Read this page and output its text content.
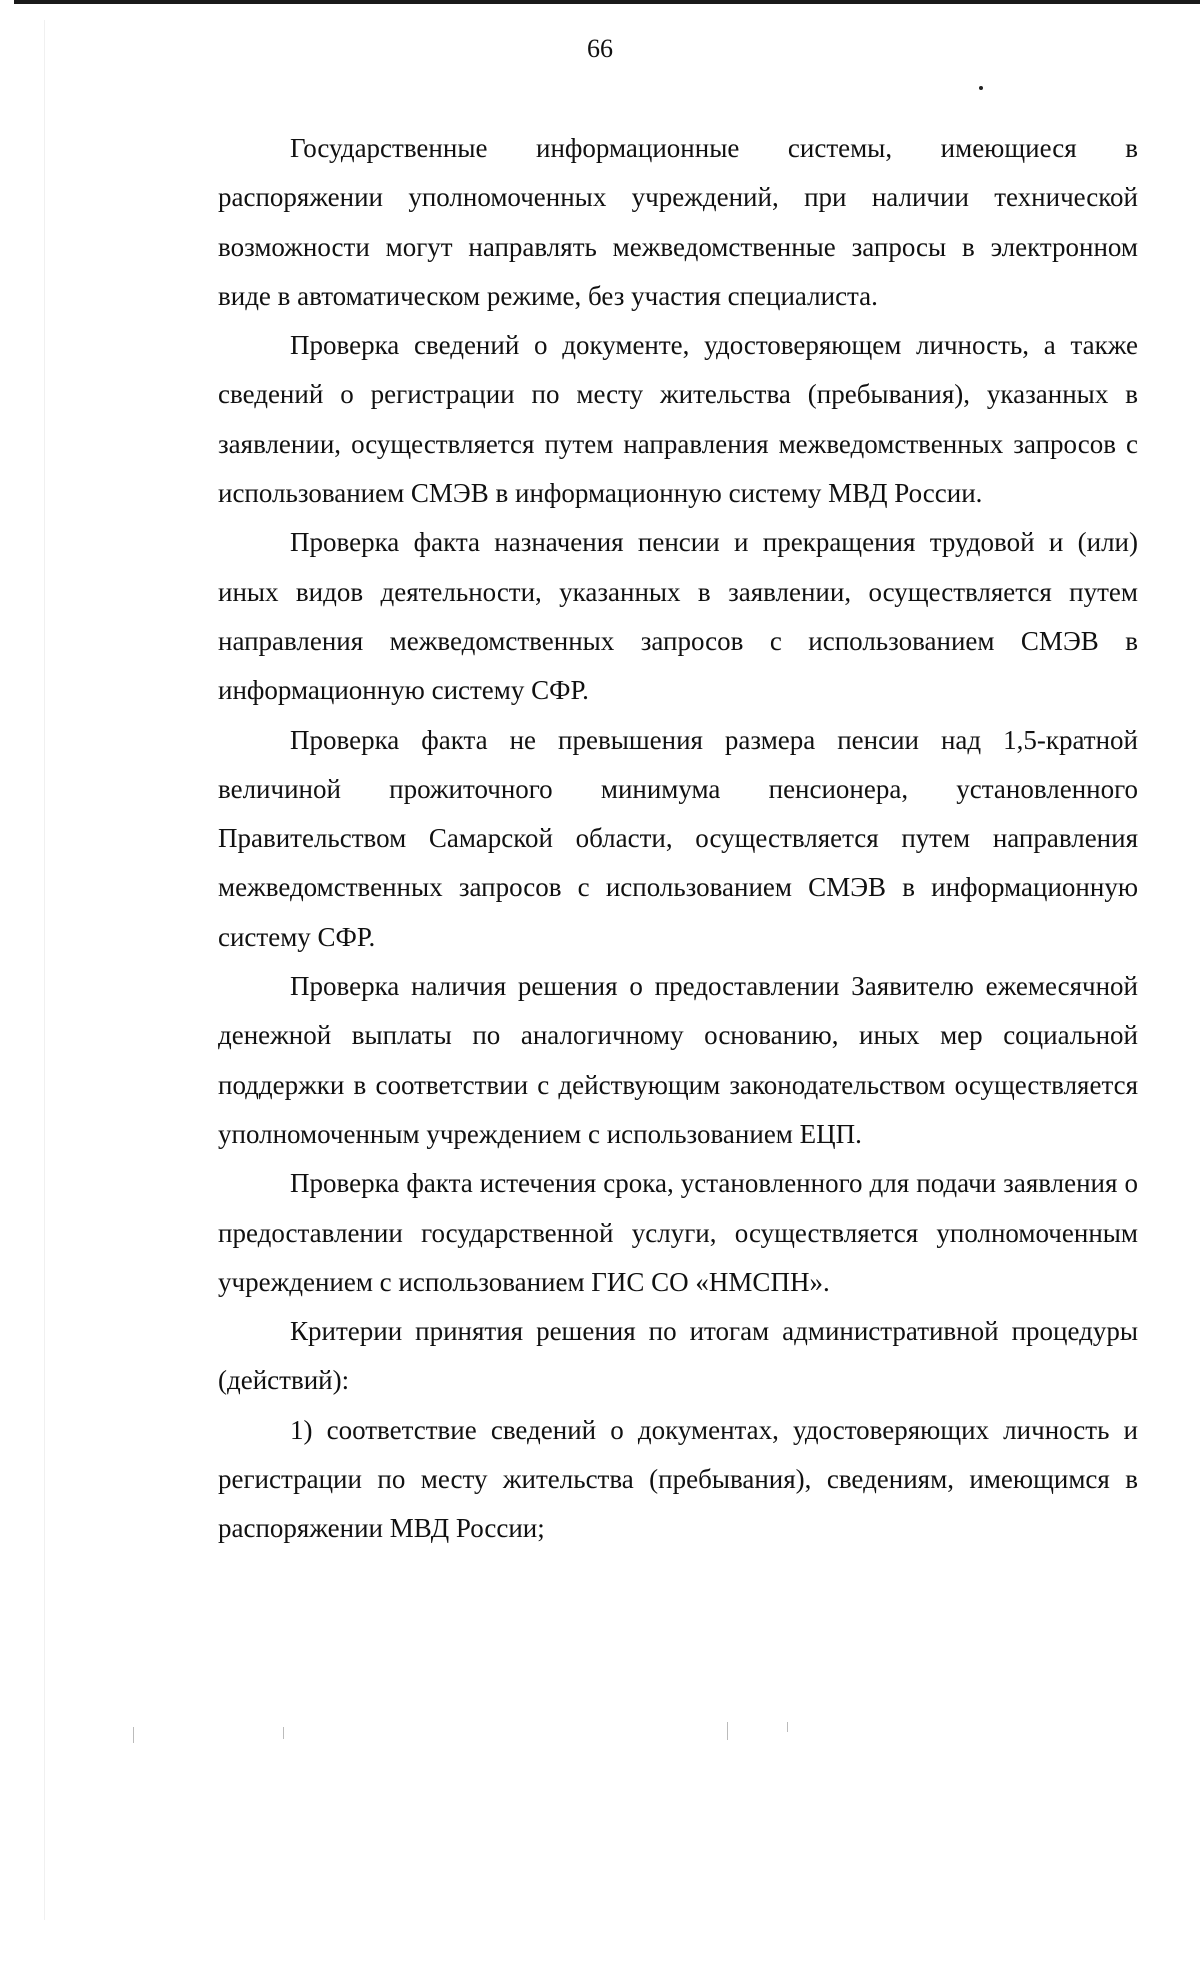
66

Государственные информационные системы, имеющиеся в распоряжении уполномоченных учреждений, при наличии технической возможности могут направлять межведомственные запросы в электронном виде в автоматическом режиме, без участия специалиста.

Проверка сведений о документе, удостоверяющем личность, а также сведений о регистрации по месту жительства (пребывания), указанных в заявлении, осуществляется путем направления межведомственных запросов с использованием СМЭВ в информационную систему МВД России.

Проверка факта назначения пенсии и прекращения трудовой и (или) иных видов деятельности, указанных в заявлении, осуществляется путем направления межведомственных запросов с использованием СМЭВ в информационную систему СФР.

Проверка факта не превышения размера пенсии над 1,5-кратной величиной прожиточного минимума пенсионера, установленного Правительством Самарской области, осуществляется путем направления межведомственных запросов с использованием СМЭВ в информационную систему СФР.

Проверка наличия решения о предоставлении Заявителю ежемесячной денежной выплаты по аналогичному основанию, иных мер социальной поддержки в соответствии с действующим законодательством осуществляется уполномоченным учреждением с использованием ЕЦП.

Проверка факта истечения срока, установленного для подачи заявления о предоставлении государственной услуги, осуществляется уполномоченным учреждением с использованием ГИС СО «НМСПН».

Критерии принятия решения по итогам административной процедуры (действий):

1) соответствие сведений о документах, удостоверяющих личность и регистрации по месту жительства (пребывания), сведениям, имеющимся в распоряжении МВД России;
